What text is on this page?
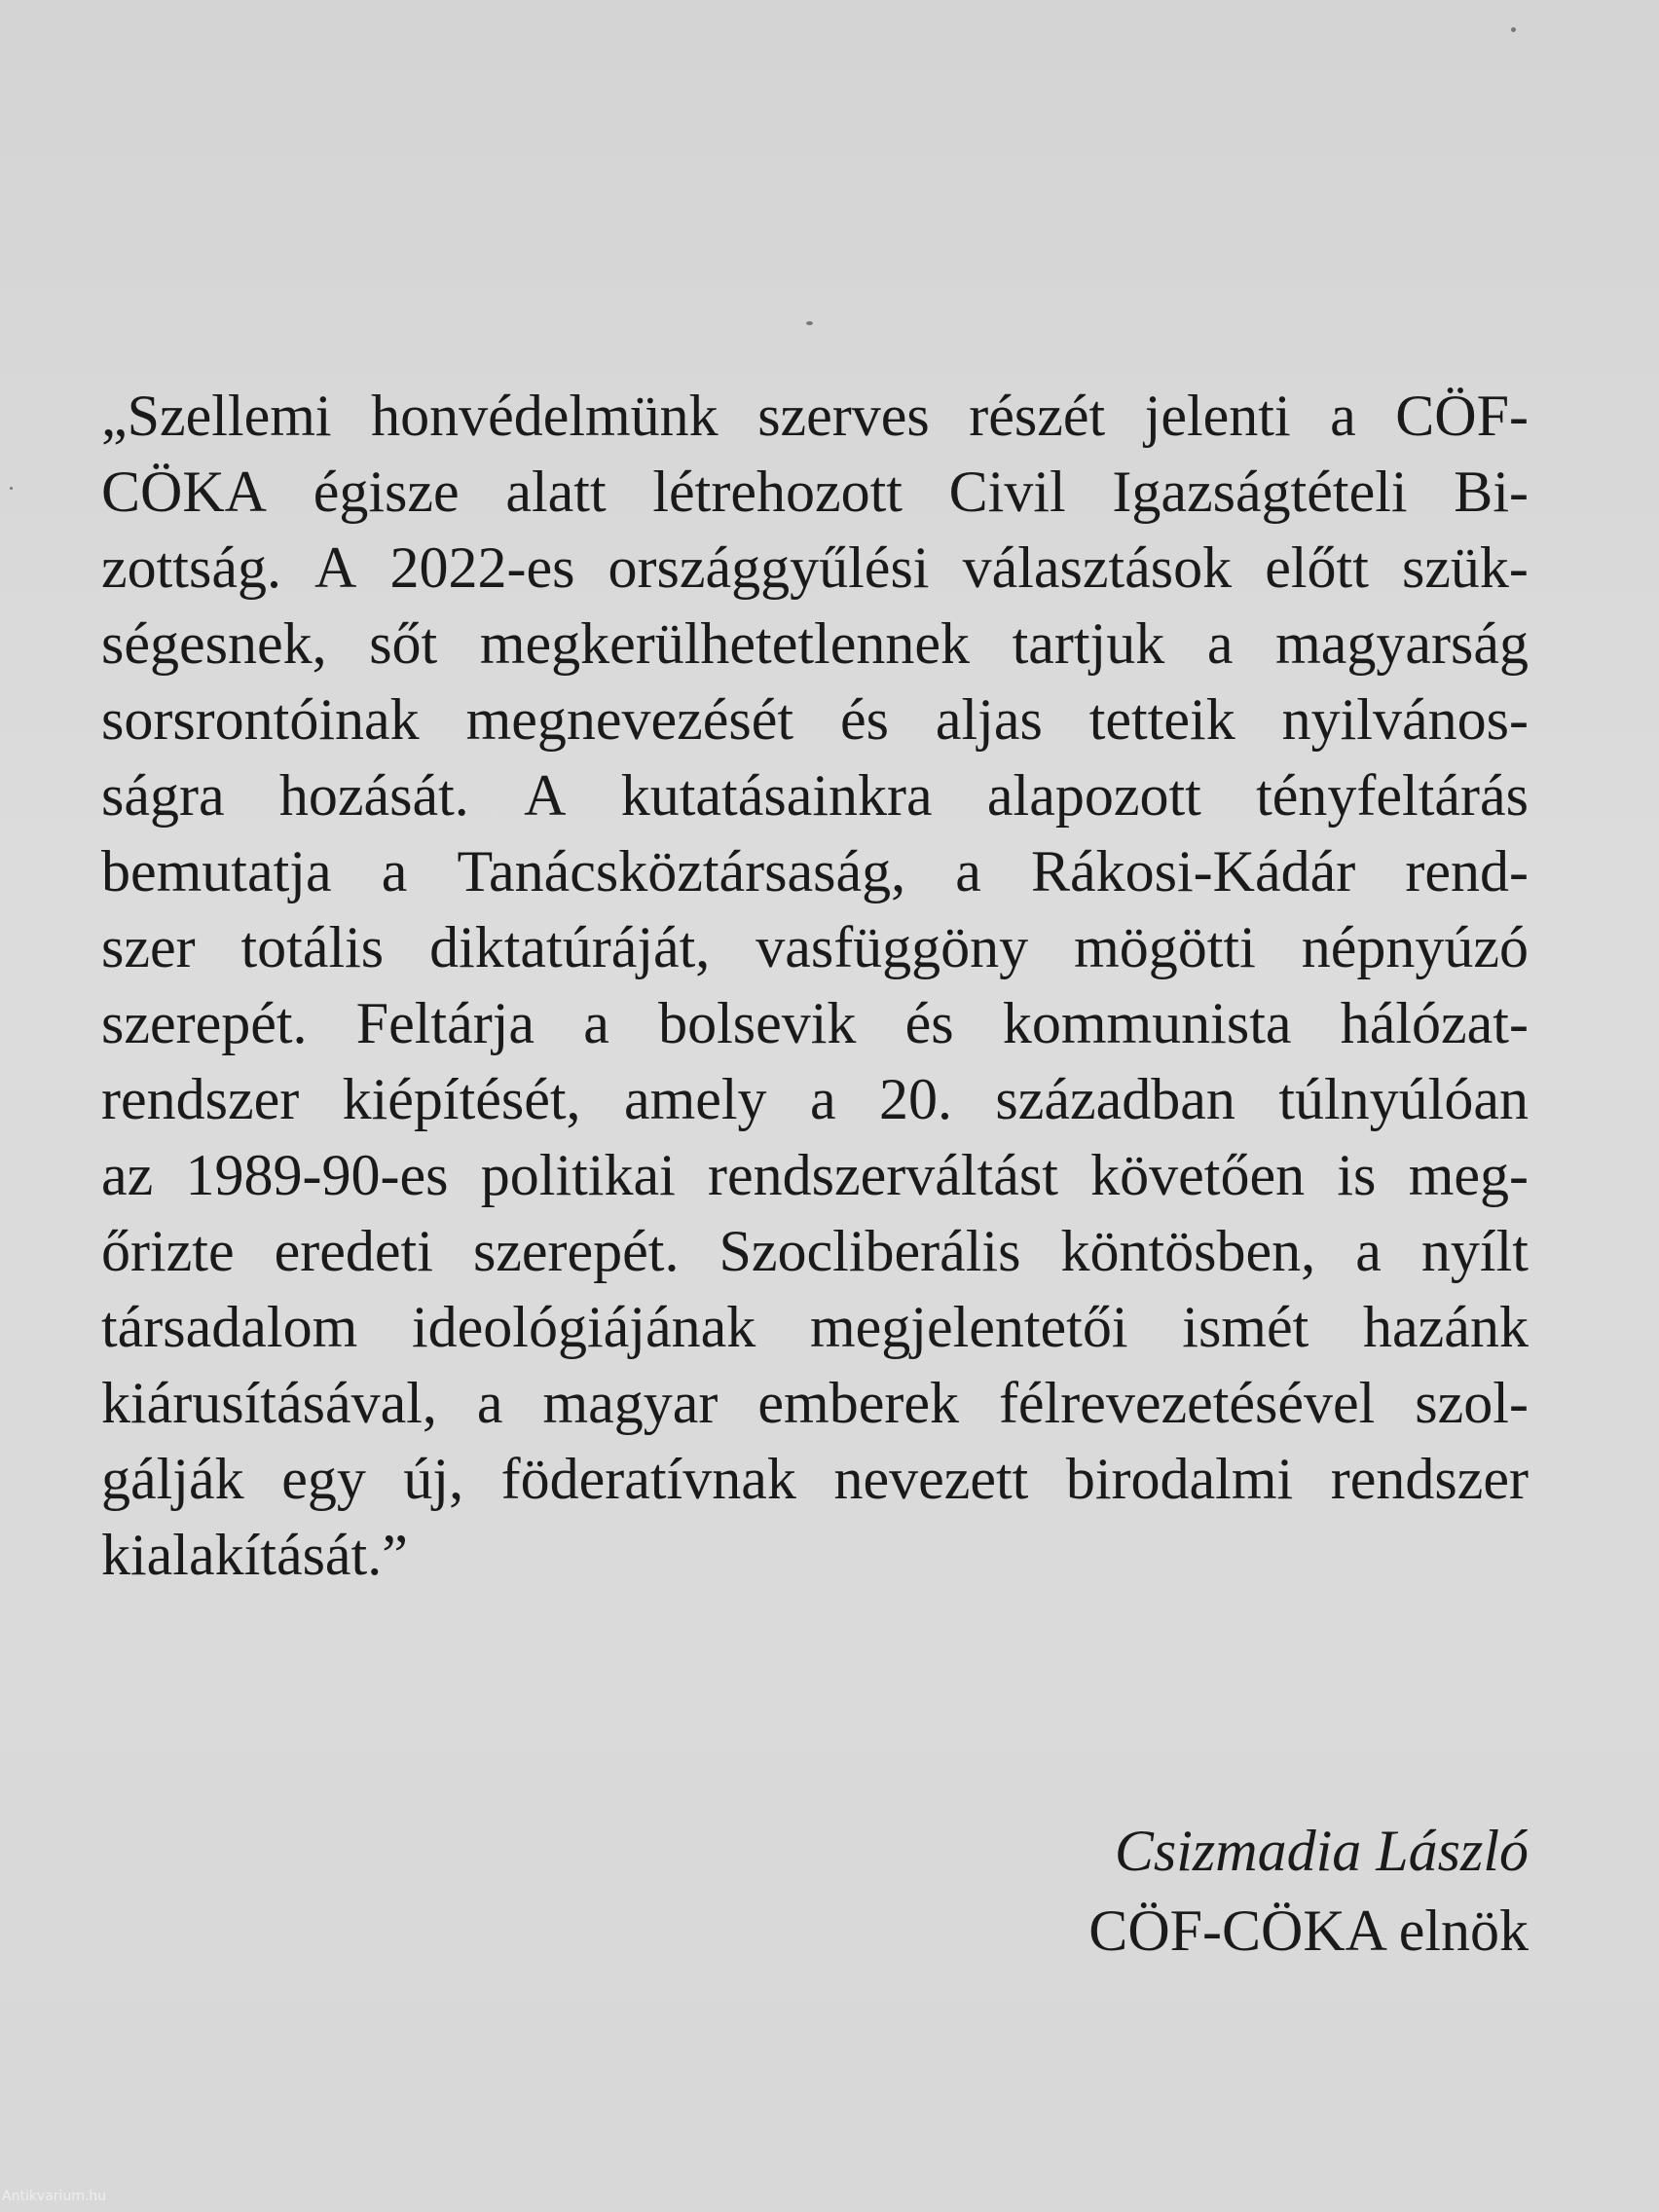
„Szellemi honvédelmünk szerves részét jelenti a CÖF-
CÖKA égisze alatt létrehozott Civil Igazságtételi Bi-
zottság. A 2022-es országgyűlési választások előtt szük-
ségesnek, sőt megkerülhetetlennek tartjuk a magyarság
sorsrontóinak megnevezését és aljas tetteik nyilvános-
ságra hozását. A kutatásainkra alapozott tényfeltárás
bemutatja a Tanácsköztársaság, a Rákosi-Kádár rend-
szer totális diktatúráját, vasfüggöny mögötti népnyúzó
szerepét. Feltárja a bolsevik és kommunista hálózat-
rendszer kiépítését, amely a 20. században túlnyúlóan
az 1989-90-es politikai rendszerváltást követően is meg-
őrizte eredeti szerepét. Szocliberális köntösben, a nyílt
társadalom ideológiájának megjelentetői ismét hazánk
kiárusításával, a magyar emberek félrevezetésével szol-
gálják egy új, föderatívnak nevezett birodalmi rendszer
kialakítását.”
Csizmadia László
CÖF-CÖKA elnök
Antikvarium.hu
